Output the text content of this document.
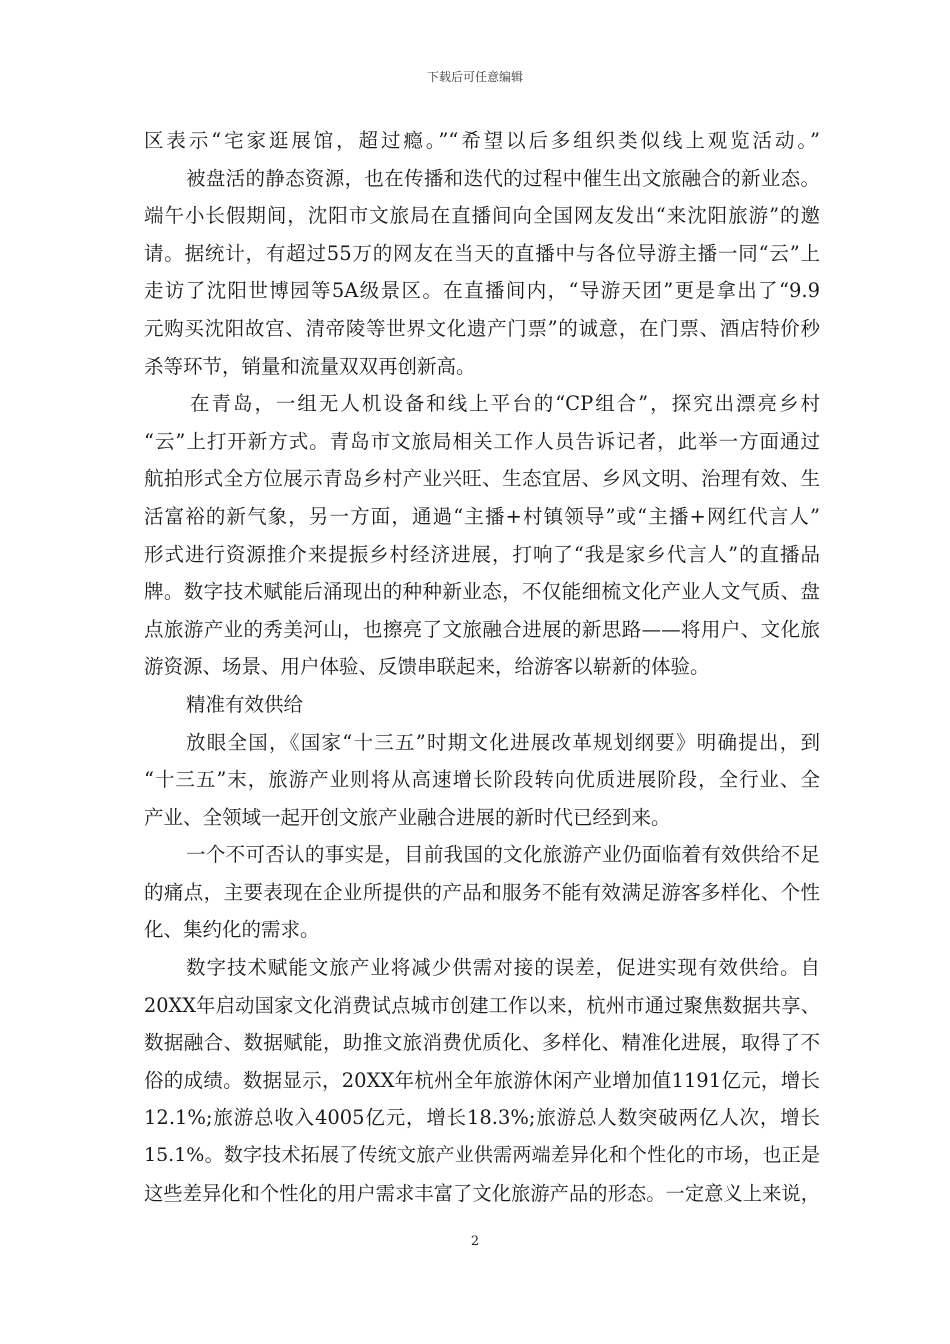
下载后可任意编辑
区表示“宅家逛展馆，超过瘾。”“希望以后多组织类似线上观览活动。”
被盘活的静态资源，也在传播和迭代的过程中催生出文旅融合的新业态。
端午小长假期间，沈阳市文旅局在直播间向全国网友发出“来沈阳旅游”的邀
请。据统计，有超过55万的网友在当天的直播中与各位导游主播一同“云”上
走访了沈阳世博园等5A级景区。在直播间内，“导游天团”更是拿出了“9.9
元购买沈阳故宫、清帝陵等世界文化遗产门票”的诚意，在门票、酒店特价秒
杀等环节，销量和流量双双再创新高。
在青岛，一组无人机设备和线上平台的“CP组合”，探究出漂亮乡村
“云”上打开新方式。青岛市文旅局相关工作人员告诉记者，此举一方面通过
航拍形式全方位展示青岛乡村产业兴旺、生态宜居、乡风文明、治理有效、生
活富裕的新气象，另一方面，通過“主播+村镇领导”或“主播+网红代言人”
形式进行资源推介来提振乡村经济进展，打响了“我是家乡代言人”的直播品
牌。数字技术赋能后涌现出的种种新业态，不仅能细梳文化产业人文气质、盘
点旅游产业的秀美河山，也擦亮了文旅融合进展的新思路——将用户、文化旅
游资源、场景、用户体验、反馈串联起来，给游客以崭新的体验。
精准有效供给
放眼全国，《国家“十三五”时期文化进展改革规划纲要》明确提出，到
“十三五”末，旅游产业则将从高速增长阶段转向优质进展阶段，全行业、全
产业、全领域一起开创文旅产业融合进展的新时代已经到来。
一个不可否认的事实是，目前我国的文化旅游产业仍面临着有效供给不足
的痛点，主要表现在企业所提供的产品和服务不能有效满足游客多样化、个性
化、集约化的需求。
数字技术赋能文旅产业将减少供需对接的误差，促进实现有效供给。自
20XX年启动国家文化消费试点城市创建工作以来，杭州市通过聚焦数据共享、
数据融合、数据赋能，助推文旅消费优质化、多样化、精准化进展，取得了不
俗的成绩。数据显示，20XX年杭州全年旅游休闲产业增加值1191亿元，增长
12.1%;旅游总收入4005亿元，增长18.3%;旅游总人数突破两亿人次，增长
15.1%。数字技术拓展了传统文旅产业供需两端差异化和个性化的市场，也正是
这些差异化和个性化的用户需求丰富了文化旅游产品的形态。一定意义上来说，
2
